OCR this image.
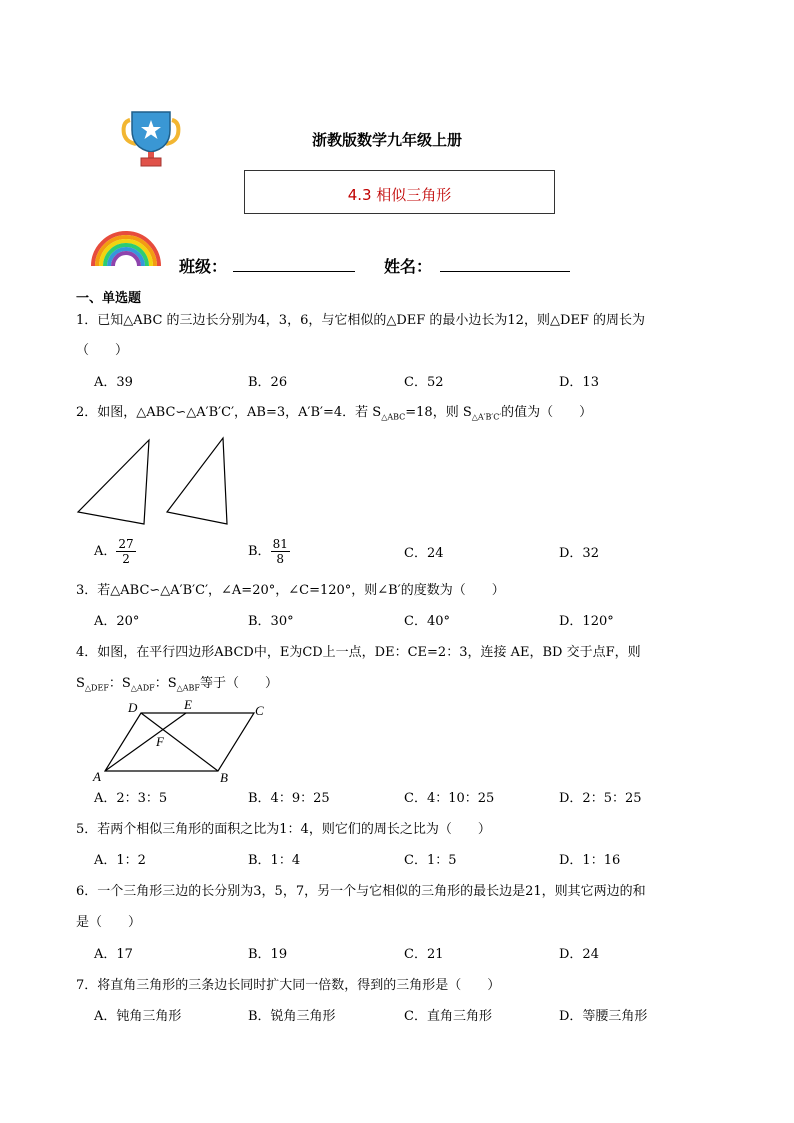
浙教版数学九年级上册
4.3 相似三角形
班级：	姓名：
一、单选题
1．已知△ABC 的三边长分别为4，3，6，与它相似的△DEF 的最小边长为12，则△DEF 的周长为
（　　）
A．39	B．26	C．52	D．13
2．如图，△ABC∽△A′B′C′，AB=3，A′B′=4．若 $S_{\triangle ABC}=18$，则 $S_{\triangle A'B'C'}$的值为（　　）
A． $\frac{27}{2}$	B． $\frac{81}{8}$	C．24	D．32
3．若△ABC∽△A′B′C′，∠A=20°，∠C=120°，则∠B′的度数为（　　）
A．20°	B．30°	C．40°	D．120°
4．如图，在平行四边形ABCD中，E为CD上一点，DE：CE=2：3，连接 AE，BD 交于点F，则
$S_{\triangle DEF}$：$S_{\triangle ADF}$：$S_{\triangle ABF}$等于（　　）
D	E	C
F
A	B
A．2：3：5	B．4：9：25	C．4：10：25	D．2：5：25
5．若两个相似三角形的面积之比为1：4，则它们的周长之比为（　　）
A．1：2	B．1：4	C．1：5	D．1：16
6．一个三角形三边的长分别为3，5，7，另一个与它相似的三角形的最长边是21，则其它两边的和
是（　　）
A．17	B．19	C．21	D．24
7．将直角三角形的三条边长同时扩大同一倍数，得到的三角形是（　　）
A．钝角三角形	B．锐角三角形	C．直角三角形	D．等腰三角形
